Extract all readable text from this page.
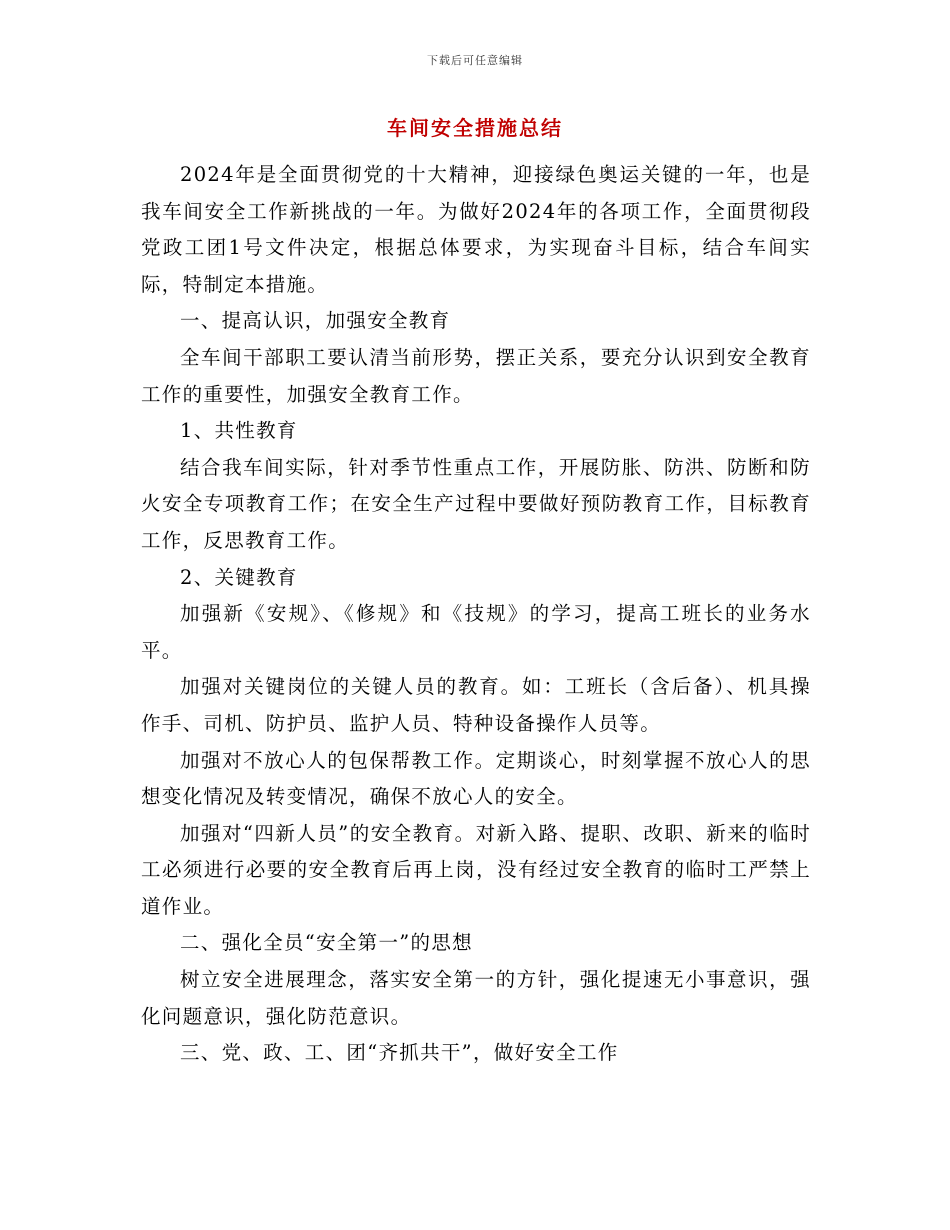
下载后可任意编辑
车间安全措施总结

2024年是全面贯彻党的十大精神，迎接绿色奥运关键的一年，也是我车间安全工作新挑战的一年。为做好2024年的各项工作，全面贯彻段党政工团1号文件决定，根据总体要求，为实现奋斗目标，结合车间实际，特制定本措施。

一、提高认识，加强安全教育

全车间干部职工要认清当前形势，摆正关系，要充分认识到安全教育工作的重要性，加强安全教育工作。

1、共性教育

结合我车间实际，针对季节性重点工作，开展防胀、防洪、防断和防火安全专项教育工作；在安全生产过程中要做好预防教育工作，目标教育工作，反思教育工作。

2、关键教育

加强新《安规》、《修规》和《技规》的学习，提高工班长的业务水平。

加强对关键岗位的关键人员的教育。如：工班长（含后备）、机具操作手、司机、防护员、监护人员、特种设备操作人员等。

加强对不放心人的包保帮教工作。定期谈心，时刻掌握不放心人的思想变化情况及转变情况，确保不放心人的安全。

加强对“四新人员”的安全教育。对新入路、提职、改职、新来的临时工必须进行必要的安全教育后再上岗，没有经过安全教育的临时工严禁上道作业。

二、强化全员“安全第一”的思想

树立安全进展理念，落实安全第一的方针，强化提速无小事意识，强化问题意识，强化防范意识。

三、党、政、工、团“齐抓共干”，做好安全工作
